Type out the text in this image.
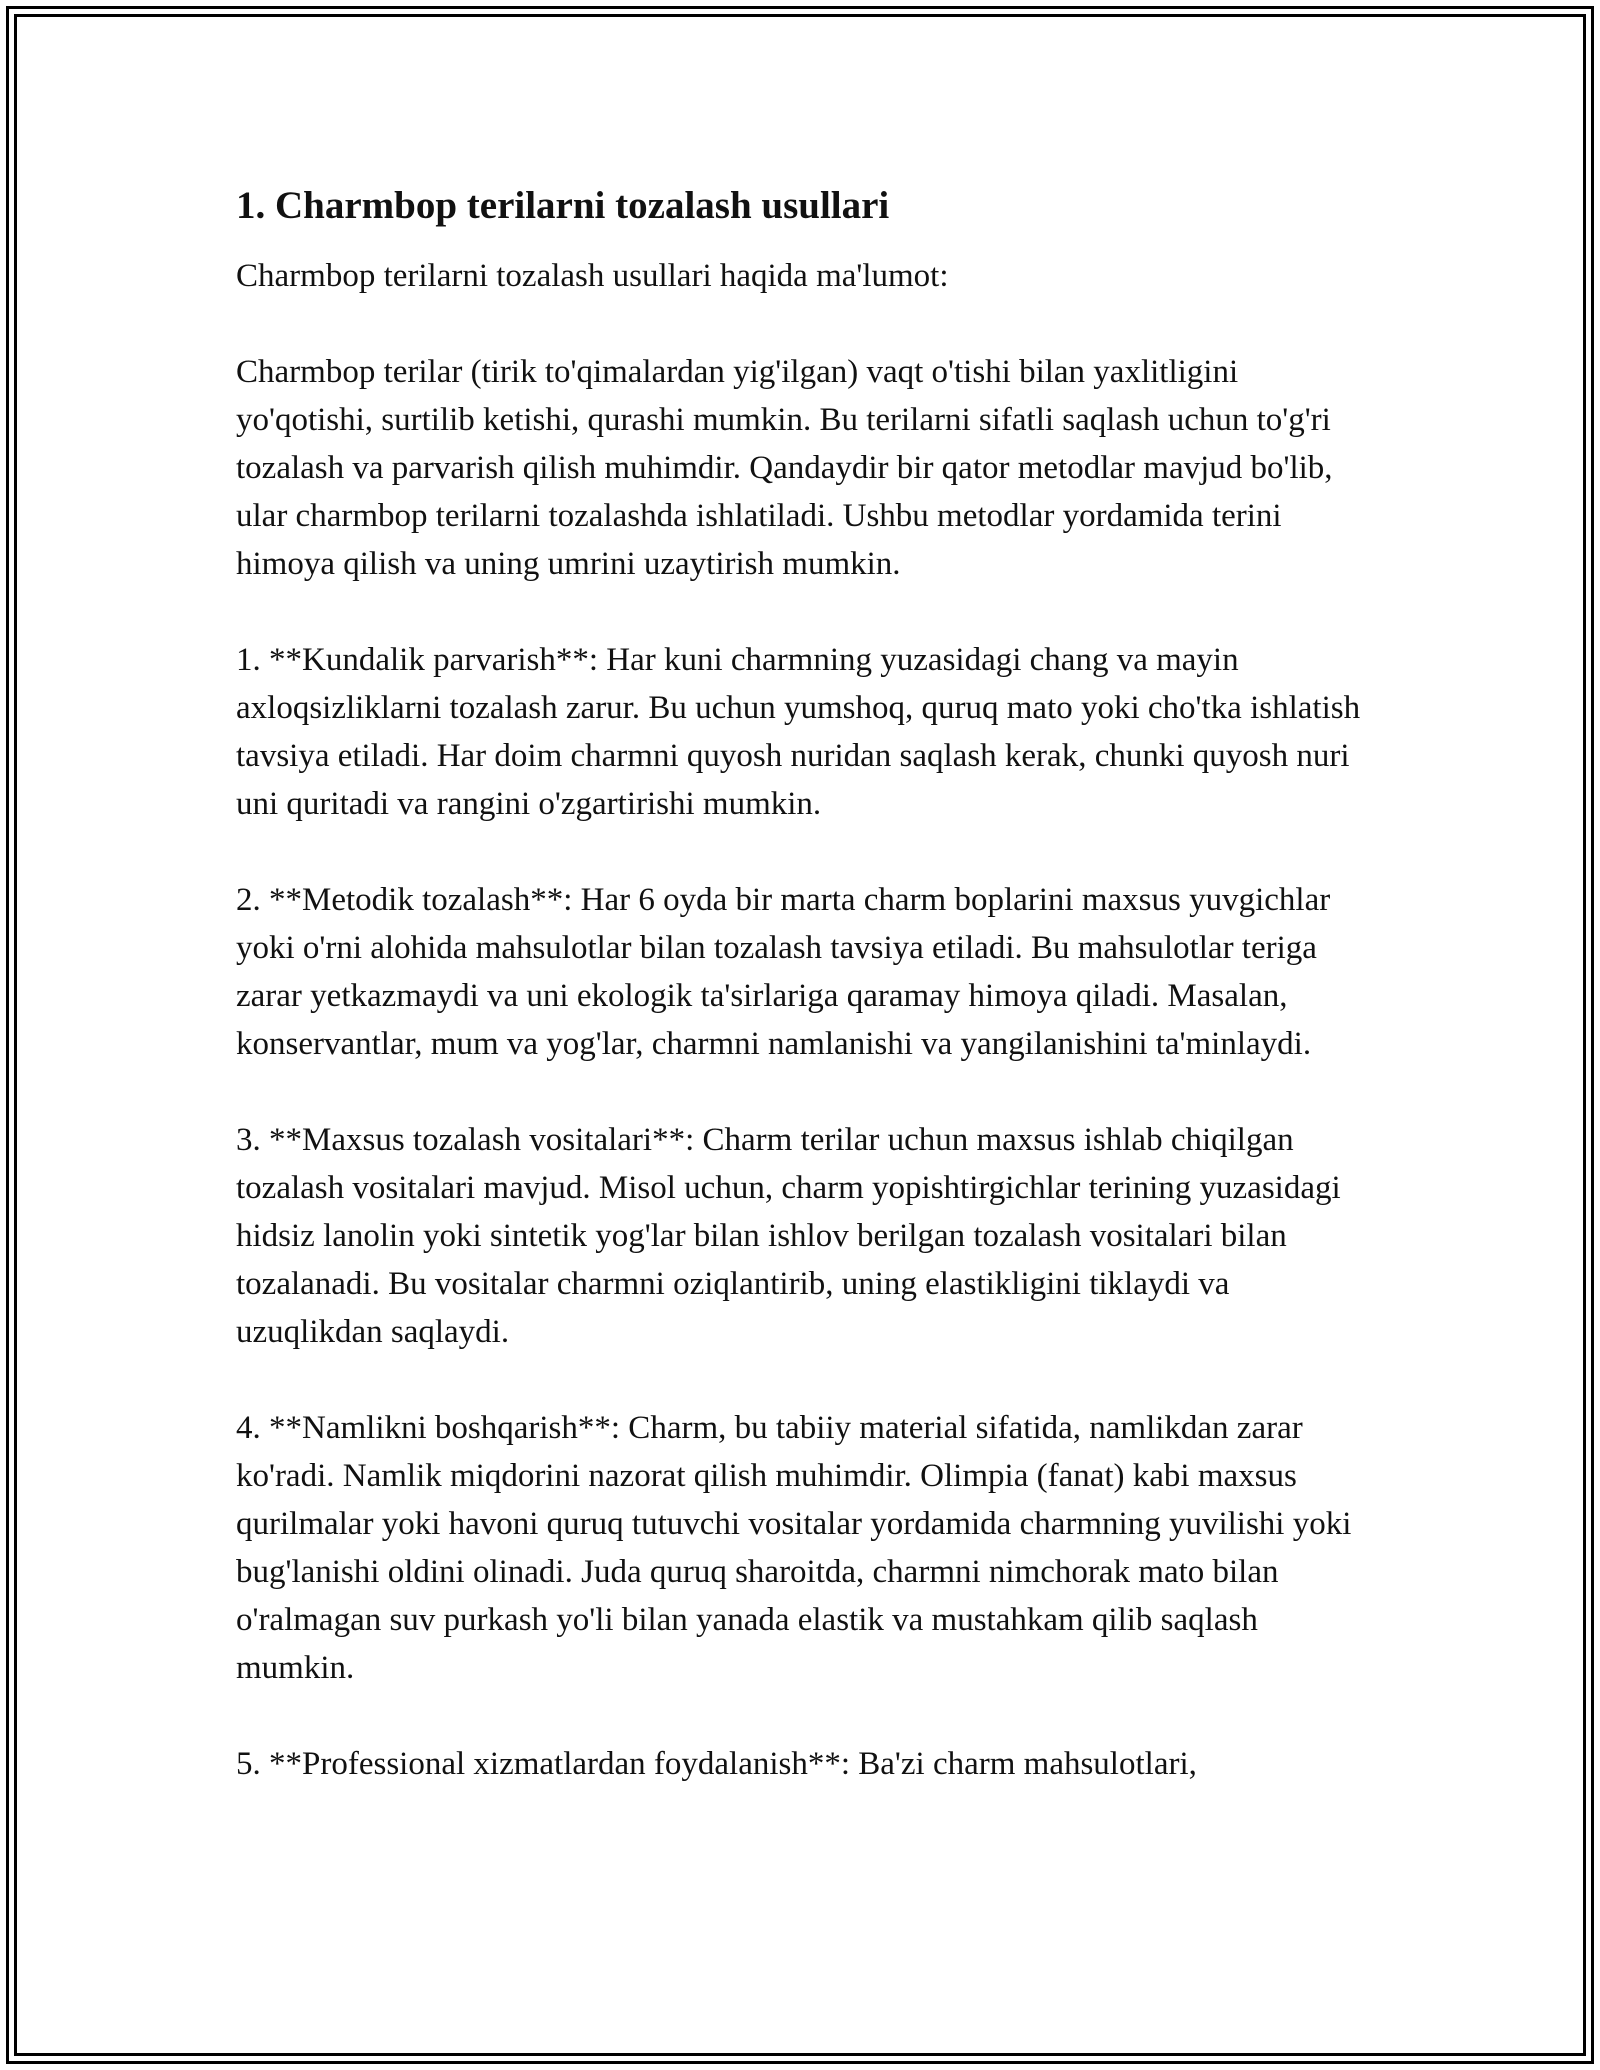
1. Charmbop terilarni tozalash usullari

Charmbop terilarni tozalash usullari haqida ma'lumot:

Charmbop terilar (tirik to'qimalardan yig'ilgan) vaqt o'tishi bilan yaxlitligini yo'qotishi, surtilib ketishi, qurashi mumkin. Bu terilarni sifatli saqlash uchun to'g'ri tozalash va parvarish qilish muhimdir. Qandaydir bir qator metodlar mavjud bo'lib, ular charmbop terilarni tozalashda ishlatiladi. Ushbu metodlar yordamida terini himoya qilish va uning umrini uzaytirish mumkin.

1. **Kundalik parvarish**: Har kuni charmning yuzasidagi chang va mayin axloqsizliklarni tozalash zarur. Bu uchun yumshoq, quruq mato yoki cho'tka ishlatish tavsiya etiladi. Har doim charmni quyosh nuridan saqlash kerak, chunki quyosh nuri uni quritadi va rangini o'zgartirishi mumkin.

2. **Metodik tozalash**: Har 6 oyda bir marta charm boplarini maxsus yuvgichlar yoki o'rni alohida mahsulotlar bilan tozalash tavsiya etiladi. Bu mahsulotlar teriga zarar yetkazmaydi va uni ekologik ta'sirlariga qaramay himoya qiladi. Masalan, konservantlar, mum va yog'lar, charmni namlanishi va yangilanishini ta'minlaydi.

3. **Maxsus tozalash vositalari**: Charm terilar uchun maxsus ishlab chiqilgan tozalash vositalari mavjud. Misol uchun, charm yopishtirgichlar terining yuzasidagi hidsiz lanolin yoki sintetik yog'lar bilan ishlov berilgan tozalash vositalari bilan tozalanadi. Bu vositalar charmni oziqlantirib, uning elastikligini tiklaydi va uzuqlikdan saqlaydi.

4. **Namlikni boshqarish**: Charm, bu tabiiy material sifatida, namlikdan zarar ko'radi. Namlik miqdorini nazorat qilish muhimdir. Olimpia (fanat) kabi maxsus qurilmalar yoki havoni quruq tutuvchi vositalar yordamida charmning yuvilishi yoki bug'lanishi oldini olinadi. Juda quruq sharoitda, charmni nimchorak mato bilan o'ralmagan suv purkash yo'li bilan yanada elastik va mustahkam qilib saqlash mumkin.

5. **Professional xizmatlardan foydalanish**: Ba'zi charm mahsulotlari,
